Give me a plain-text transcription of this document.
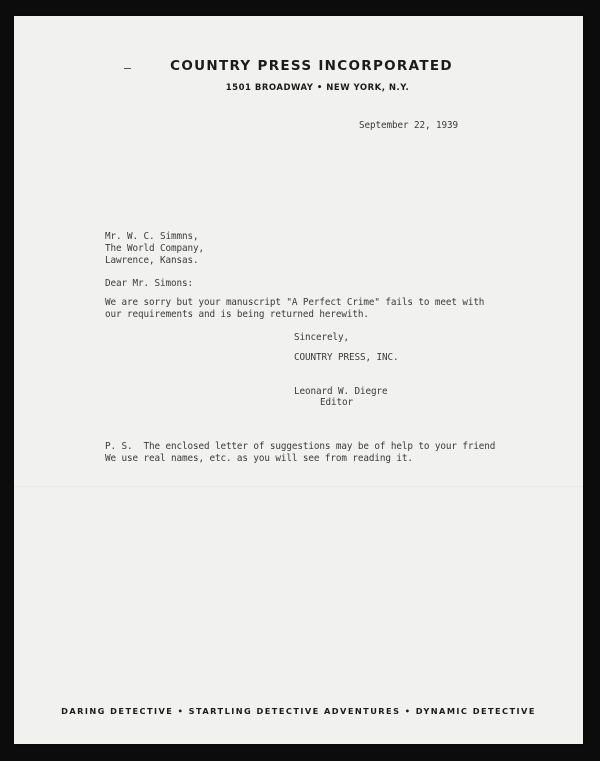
COUNTRY PRESS INCORPORATED
1501 BROADWAY • NEW YORK, N.Y.
September 22, 1939
Mr. W. C. Simmns,
The World Company,
Lawrence, Kansas.
Dear Mr. Simons:
We are sorry but your manuscript "A Perfect Crime" fails to meet with
our requirements and is being returned herewith.
Sincerely,
COUNTRY PRESS, INC.
Leonard W. Diegre
Editor
P. S.  The enclosed letter of suggestions may be of help to your friend
We use real names, etc. as you will see from reading it.
DARING DETECTIVE • STARTLING DETECTIVE ADVENTURES • DYNAMIC DETECTIVE
